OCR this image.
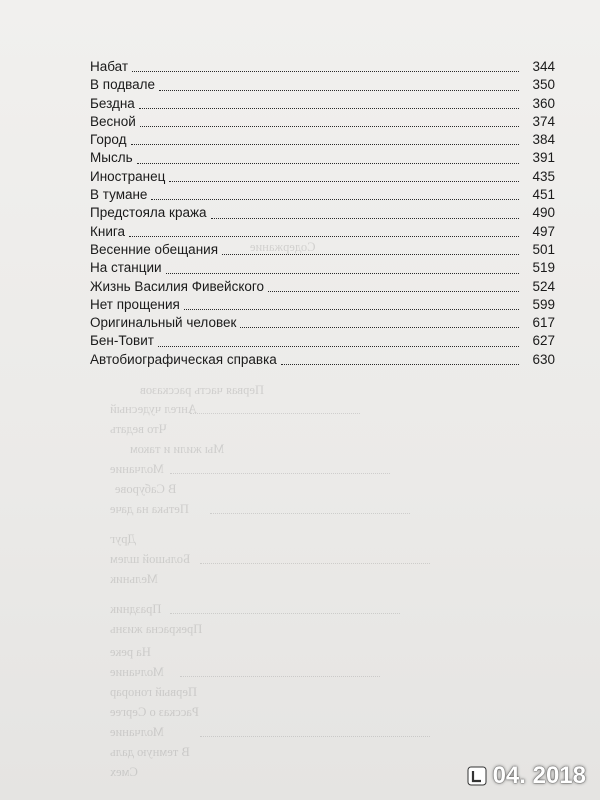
Содержание
Первая часть рассказов
Ангел чудесный
Что ведать
Мы жили и таком
Молчание
В Сабурове
Петька на даче
Друг
Большой шлем
Мельник
Праздник
Прекрасна жизнь
На реке
Молчание
Первый гонорар
Рассказ о Сергее
Молчание
В темную даль
Смех
Набат	344
В подвале	350
Бездна	360
Весной	374
Город	384
Мысль	391
Иностранец	435
В тумане	451
Предстояла кража	490
Книга	497
Весенние обещания	501
На станции	519
Жизнь Василия Фивейского	524
Нет прощения	599
Оригинальный человек	617
Бен-Товит	627
Автобиографическая справка	630
04. 2018
